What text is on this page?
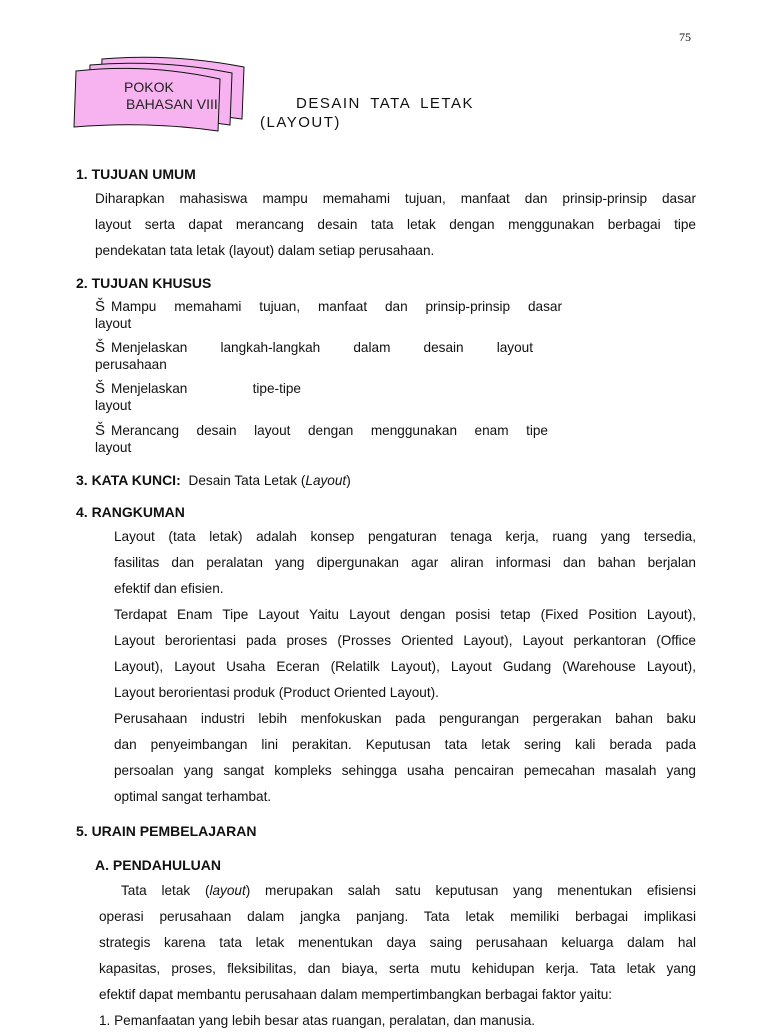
75
POKOK
BAHASAN VIII	DESAIN TATA LETAK
(LAYOUT)
1. TUJUAN UMUM
Diharapkan mahasiswa mampu memahami tujuan, manfaat dan prinsip-prinsip dasar
layout serta dapat merancang desain tata letak dengan menggunakan berbagai tipe
pendekatan tata letak (layout) dalam setiap perusahaan.
2. TUJUAN KHUSUS
Š Mampu memahami tujuan, manfaat dan prinsip-prinsip dasar
layout
Š Menjelaskan langkah-langkah dalam desain layout
perusahaan
Š Menjelaskan tipe-tipe
layout
Š Merancang desain layout dengan menggunakan enam tipe
layout
3. KATA KUNCI: Desain Tata Letak (Layout)
4. RANGKUMAN
Layout (tata letak) adalah konsep pengaturan tenaga kerja, ruang yang tersedia,
fasilitas dan peralatan yang dipergunakan agar aliran informasi dan bahan berjalan
efektif dan efisien.
Terdapat Enam Tipe Layout Yaitu Layout dengan posisi tetap (Fixed Position Layout),
Layout berorientasi pada proses (Prosses Oriented Layout), Layout perkantoran (Office
Layout), Layout Usaha Eceran (Relatilk Layout), Layout Gudang (Warehouse Layout),
Layout berorientasi produk (Product Oriented Layout).
Perusahaan industri lebih menfokuskan pada pengurangan pergerakan bahan baku
dan penyeimbangan lini perakitan. Keputusan tata letak sering kali berada pada
persoalan yang sangat kompleks sehingga usaha pencairan pemecahan masalah yang
optimal sangat terhambat.
5. URAIN PEMBELAJARAN
A. PENDAHULUAN
Tata letak (layout) merupakan salah satu keputusan yang menentukan efisiensi
operasi perusahaan dalam jangka panjang. Tata letak memiliki berbagai implikasi
strategis karena tata letak menentukan daya saing perusahaan keluarga dalam hal
kapasitas, proses, fleksibilitas, dan biaya, serta mutu kehidupan kerja. Tata letak yang
efektif dapat membantu perusahaan dalam mempertimbangkan berbagai faktor yaitu:
1. Pemanfaatan yang lebih besar atas ruangan, peralatan, dan manusia.
